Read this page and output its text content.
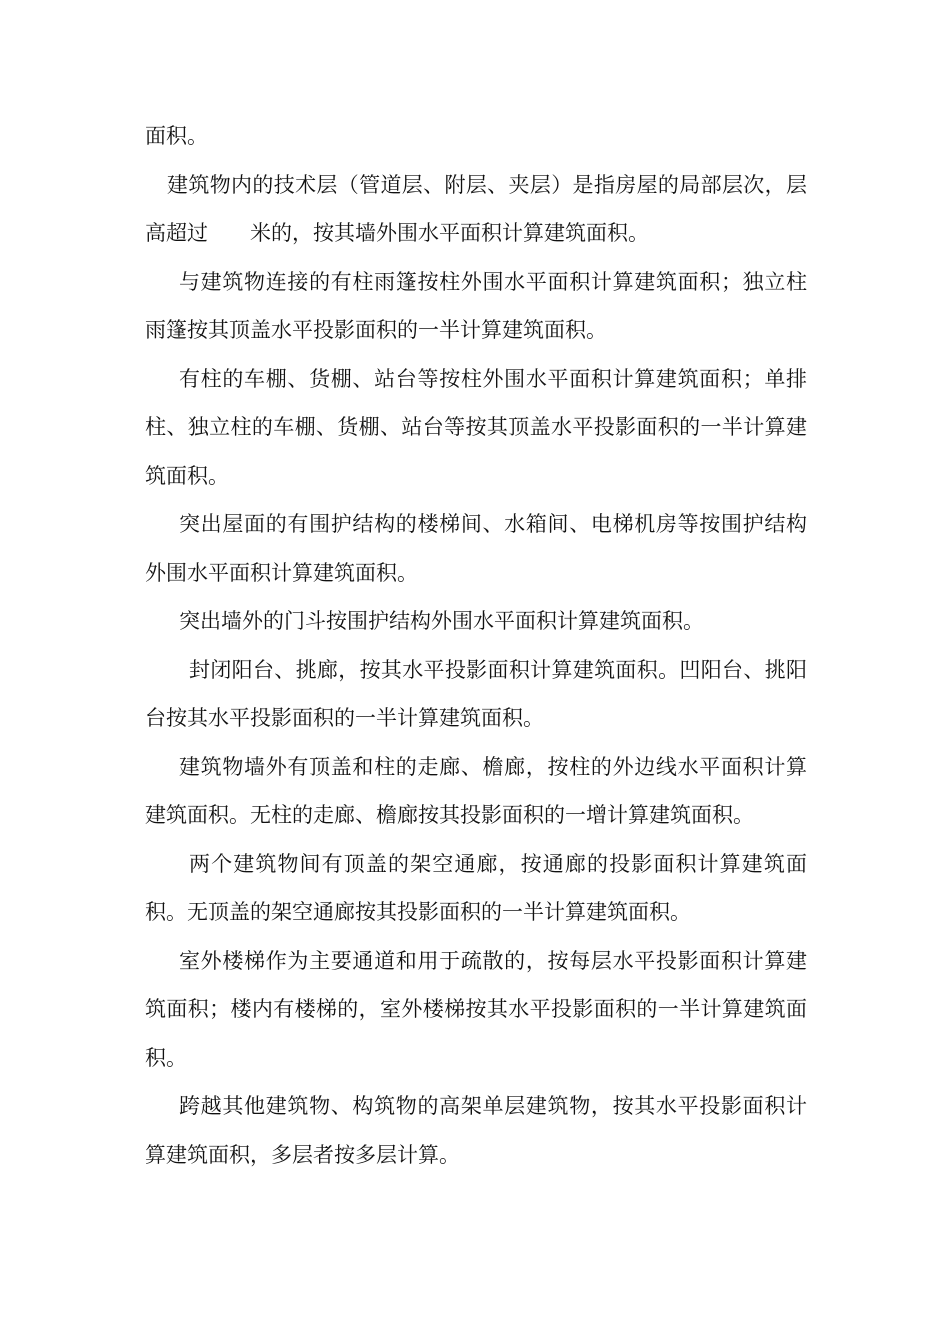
面积。

建筑物内的技术层（管道层、附层、夹层）是指房屋的局部层次，层高超过 米的，按其墙外围水平面积计算建筑面积。

与建筑物连接的有柱雨篷按柱外围水平面积计算建筑面积；独立柱雨篷按其顶盖水平投影面积的一半计算建筑面积。

有柱的车棚、货棚、站台等按柱外围水平面积计算建筑面积；单排柱、独立柱的车棚、货棚、站台等按其顶盖水平投影面积的一半计算建筑面积。

突出屋面的有围护结构的楼梯间、水箱间、电梯机房等按围护结构外围水平面积计算建筑面积。

突出墙外的门斗按围护结构外围水平面积计算建筑面积。

封闭阳台、挑廊，按其水平投影面积计算建筑面积。凹阳台、挑阳台按其水平投影面积的一半计算建筑面积。

建筑物墙外有顶盖和柱的走廊、檐廊，按柱的外边线水平面积计算建筑面积。无柱的走廊、檐廊按其投影面积的一增计算建筑面积。

两个建筑物间有顶盖的架空通廊，按通廊的投影面积计算建筑面积。无顶盖的架空通廊按其投影面积的一半计算建筑面积。

室外楼梯作为主要通道和用于疏散的，按每层水平投影面积计算建筑面积；楼内有楼梯的，室外楼梯按其水平投影面积的一半计算建筑面积。

跨越其他建筑物、构筑物的高架单层建筑物，按其水平投影面积计算建筑面积，多层者按多层计算。
